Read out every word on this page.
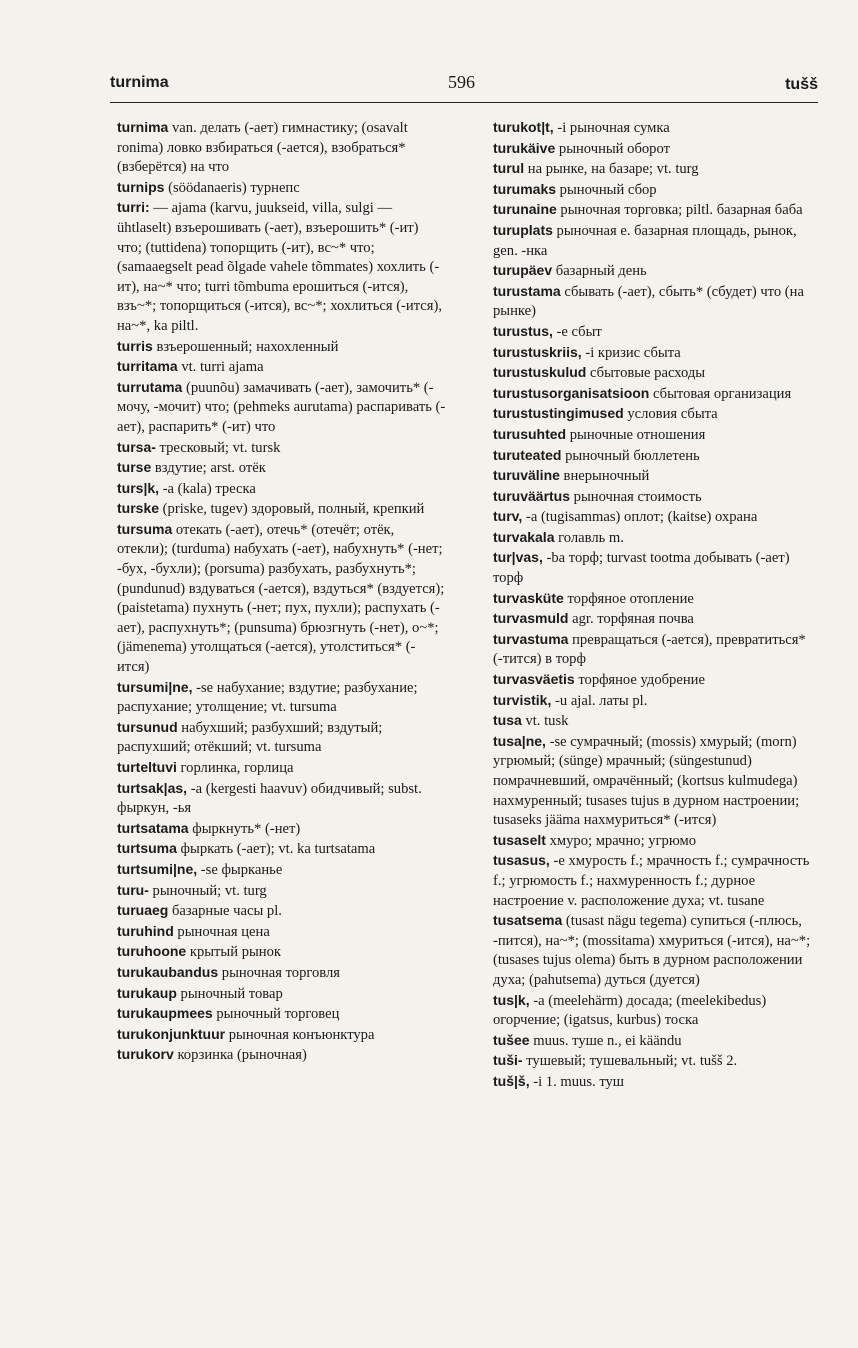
turnima	596	tušš

turnima van. делать (-ает) гимнастику; (osavalt ronima) ловко взбираться (-ается), взобраться* (взберётся) на что

turnips (söödanaeris) турнепс

turri: — ajama (karvu, juukseid, villa, sulgi — ühtlaselt) взъерошивать (-ает), взъерошить* (-ит) что; (tuttidena) топорщить (-ит), вс~* что; (samaaegselt pead õlgade vahele tõmmates) хохлить (-ит), на~* что; turri tõmbuma ерошиться (-ится), взъ~*; топорщиться (-ится), вс~*; хохлиться (-ится), на~*, ka piltl.

turris взъерошенный; нахохленный

turritama vt. turri ajama

turrutama (puunõu) замачивать (-ает), замочить* (-мочу, -мочит) что; (pehmeks aurutama) распаривать (-ает), распарить* (-ит) что

tursa- тресковый; vt. tursk

turse вздутие; arst. отёк

turs|k, -a (kala) треска

turske (priske, tugev) здоровый, полный, крепкий

tursuma отекать (-ает), отечь* (отечёт; отёк, отекли); (turduma) набухать (-ает), набухнуть* (-нет; -бух, -бухли); (porsuma) разбухать, разбухнуть*; (pundunud) вздуваться (-ается), вздуться* (вздуется); (paistetama) пухнуть (-нет; пух, пухли); распухать (-ает), распухнуть*; (punsuma) брюзгнуть (-нет), о~*; (jämenema) утолщаться (-ается), утолститься* (-ится)

tursumi|ne, -se набухание; вздутие; разбухание; распухание; утолщение; vt. tursuma

tursunud набухший; разбухший; вздутый; распухший; отёкший; vt. tursuma

turteltuvi горлинка, горлица

turtsak|as, -a (kergesti haavuv) обидчивый; subst. фыркун, -ья

turtsatama фыркнуть* (-нет)

turtsuma фыркать (-ает); vt. ka turtsatama

turtsumi|ne, -se фырканье

turu- рыночный; vt. turg

turuaeg базарные часы pl.

turuhind рыночная цена

turuhoone крытый рынок

turukaubandus рыночная торговля

turukaup рыночный товар

turukaupmees рыночный торговец

turukonjunktuur рыночная конъюнктура

turukorv корзинка (рыночная)

turukot|t, -i рыночная сумка

turukäive рыночный оборот

turul на рынке, на базаре; vt. turg

turumaks рыночный сбор

turunaine рыночная торговка; piltl. базарная баба

turuplats рыночная e. базарная площадь, рынок, gen. -нка

turupäev базарный день

turustama сбывать (-ает), сбыть* (сбудет) что (на рынке)

turustus, -e сбыт

turustuskriis, -i кризис сбыта

turustuskulud сбытовые расходы

turustusorganisatsioon сбытовая организация

turustustingimused условия сбыта

turusuhted рыночные отношения

turuteated рыночный бюллетень

turuväline внерыночный

turuväärtus рыночная стоимость

turv, -a (tugisammas) оплот; (kaitse) охрана

turvakala голавль m.

tur|vas, -ba торф; turvast tootma добывать (-ает) торф

turvasküte торфяное отопление

turvasmuld agr. торфяная почва

turvastuma превращаться (-ается), превратиться* (-тится) в торф

turvasväetis торфяное удобрение

turvistik, -u ajal. латы pl.

tusa vt. tusk

tusa|ne, -se сумрачный; (mossis) хмурый; (morn) угрюмый; (sünge) мрачный; (süngestunud) помрачневший, омрачённый; (kortsus kulmudega) нахмуренный; tusases tujus в дурном настроении; tusaseks jääma нахмуриться* (-ится)

tusaselt хмуро; мрачно; угрюмо

tusasus, -e хмурость f.; мрачность f.; сумрачность f.; угрюмость f.; нахмуренность f.; дурное настроение v. расположение духа; vt. tusane

tusatsema (tusast nägu tegema) супиться (-плюсь, -пится), на~*; (mossitama) хмуриться (-ится), на~*; (tusases tujus olema) быть в дурном расположении духа; (pahutsema) дуться (дуется)

tus|k, -a (meelehärm) досада; (meelekibedus) огорчение; (igatsus, kurbus) тоска

tušee muus. туше n., ei käändu

tuši- тушевый; тушевальный; vt. tušš 2.

tuš|š, -i 1. muus. туш
